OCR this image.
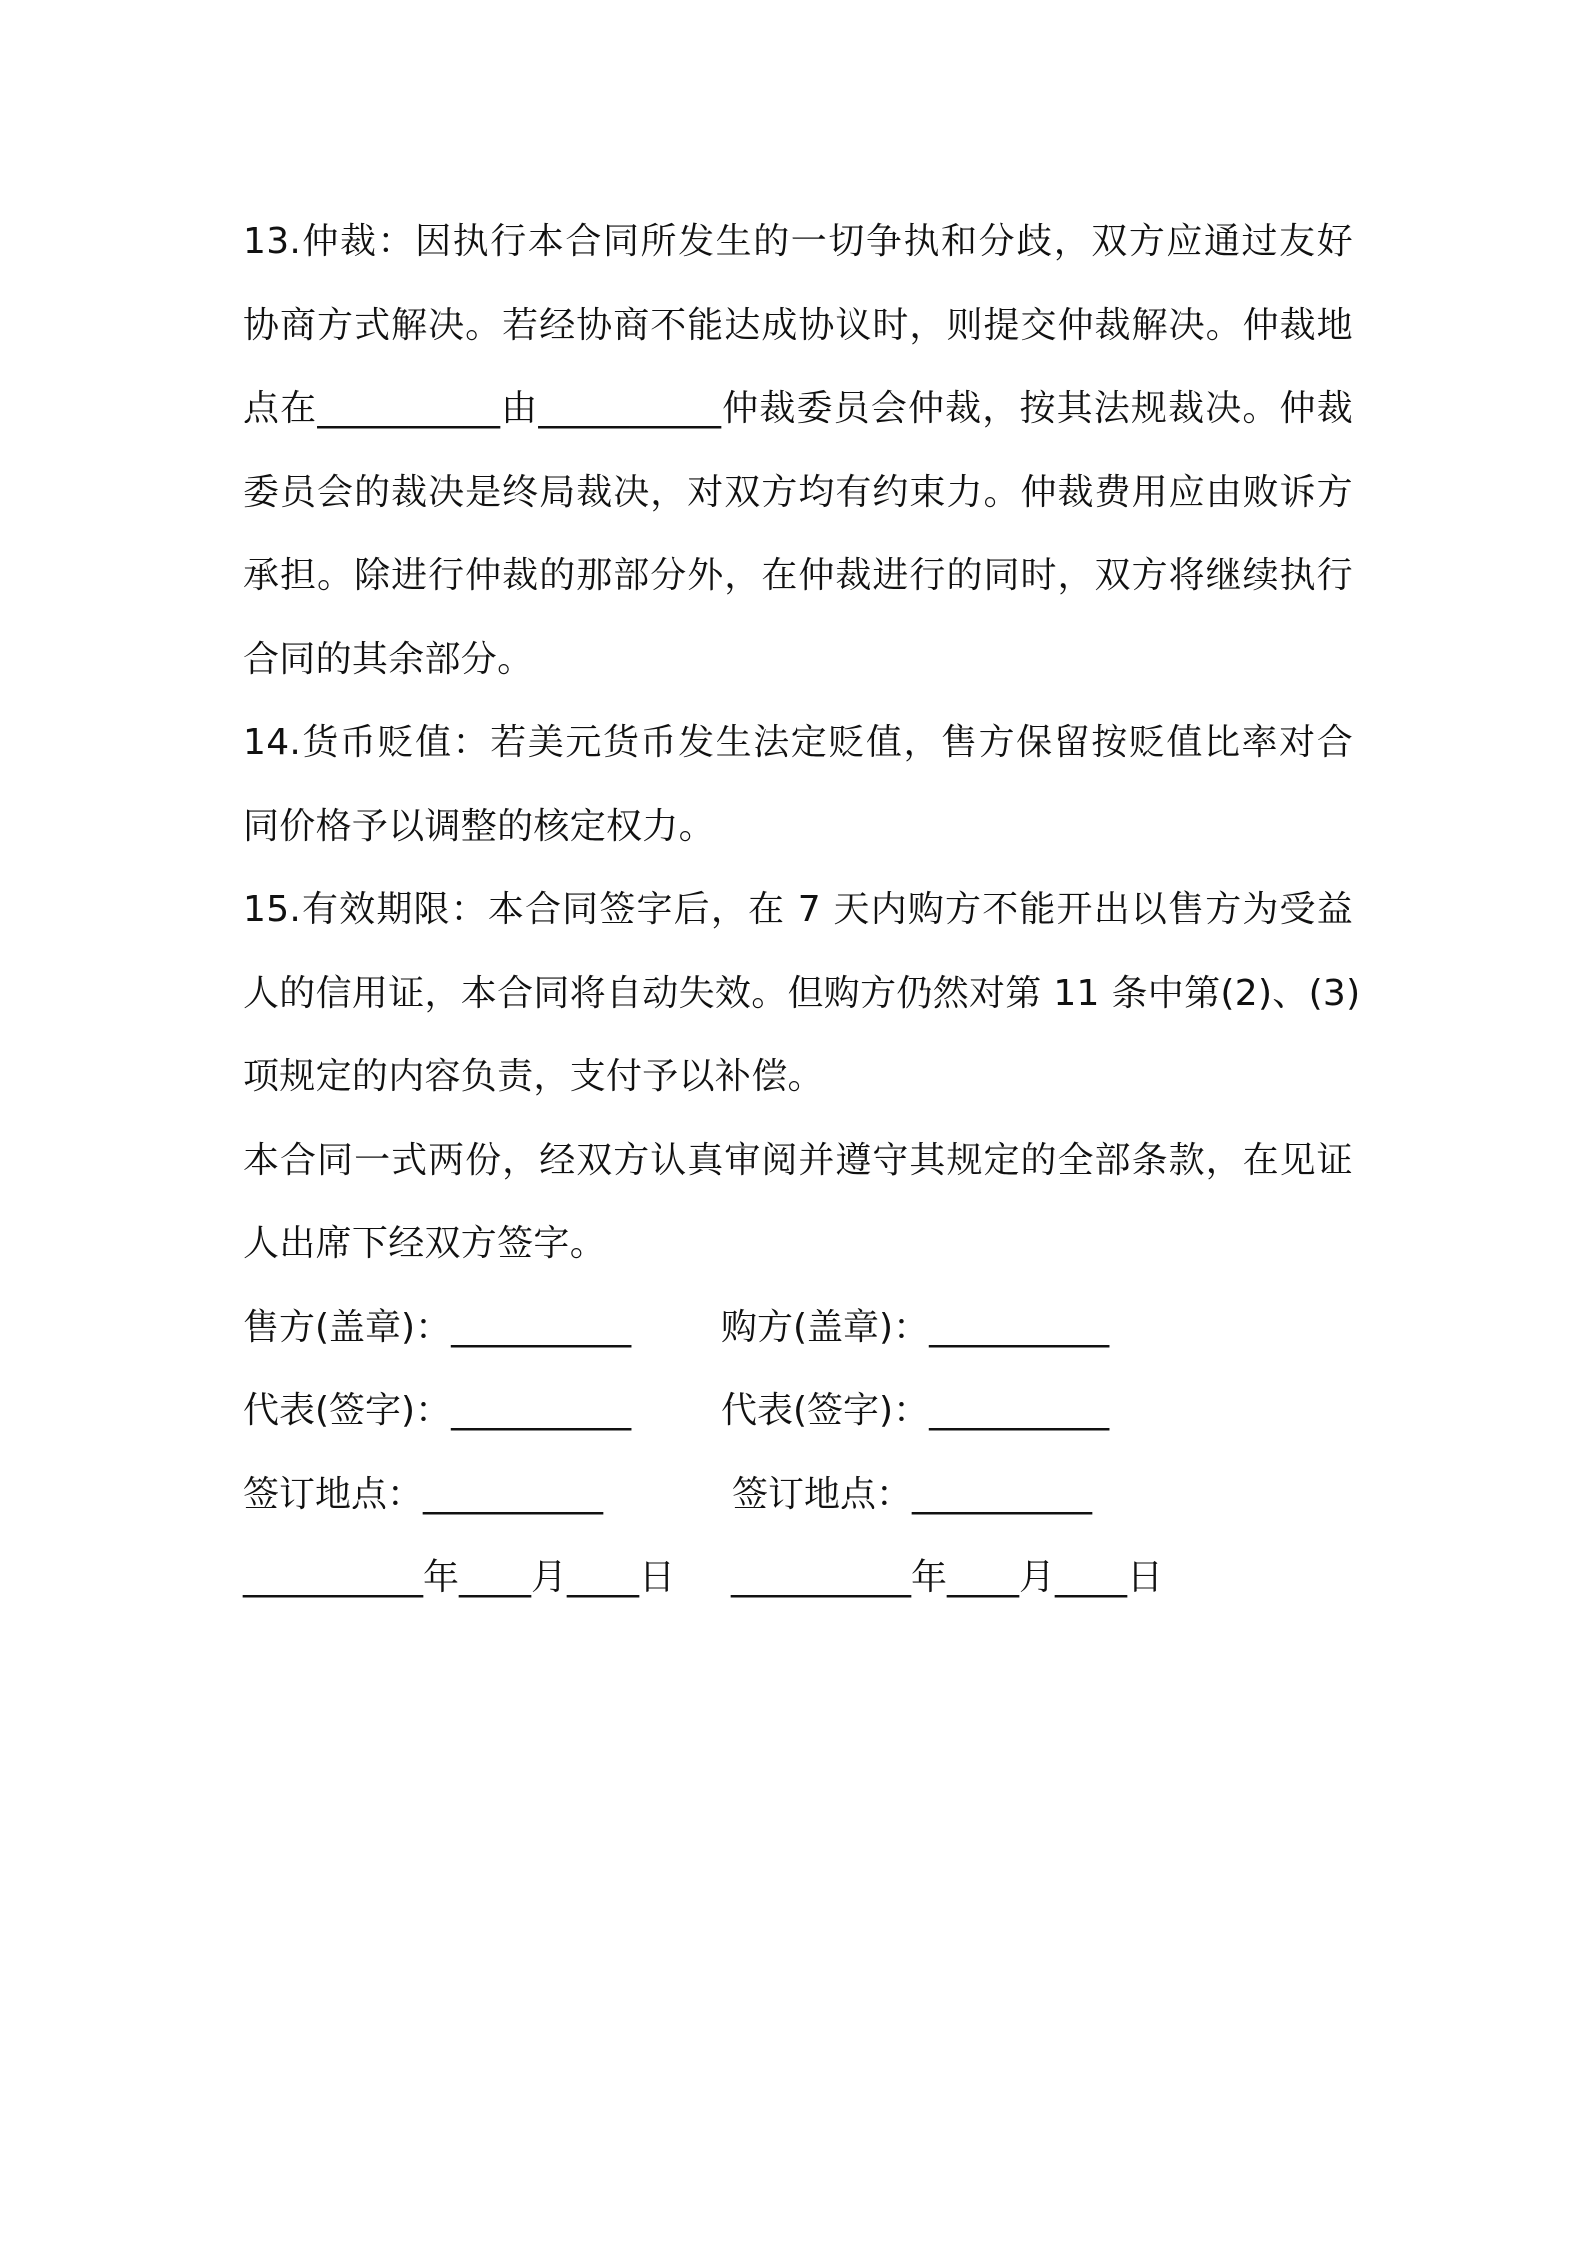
13.仲裁：因执行本合同所发生的一切争执和分歧，双方应通过友好
协商方式解决。若经协商不能达成协议时，则提交仲裁解决。仲裁地
点在__________由__________仲裁委员会仲裁，按其法规裁决。仲裁
委员会的裁决是终局裁决，对双方均有约束力。仲裁费用应由败诉方
承担。除进行仲裁的那部分外，在仲裁进行的同时，双方将继续执行
合同的其余部分。
14.货币贬值：若美元货币发生法定贬值，售方保留按贬值比率对合
同价格予以调整的核定权力。
15.有效期限：本合同签字后，在 7 天内购方不能开出以售方为受益
人的信用证，本合同将自动失效。但购方仍然对第 11 条中第(2)、(3)
项规定的内容负责，支付予以补偿。
本合同一式两份，经双方认真审阅并遵守其规定的全部条款，在见证
人出席下经双方签字。
售方(盖章)：__________ 购方(盖章)：__________
代表(签字)：__________ 代表(签字)：__________
签订地点：__________	签订地点：__________
__________年____月____日 __________年____月____日
